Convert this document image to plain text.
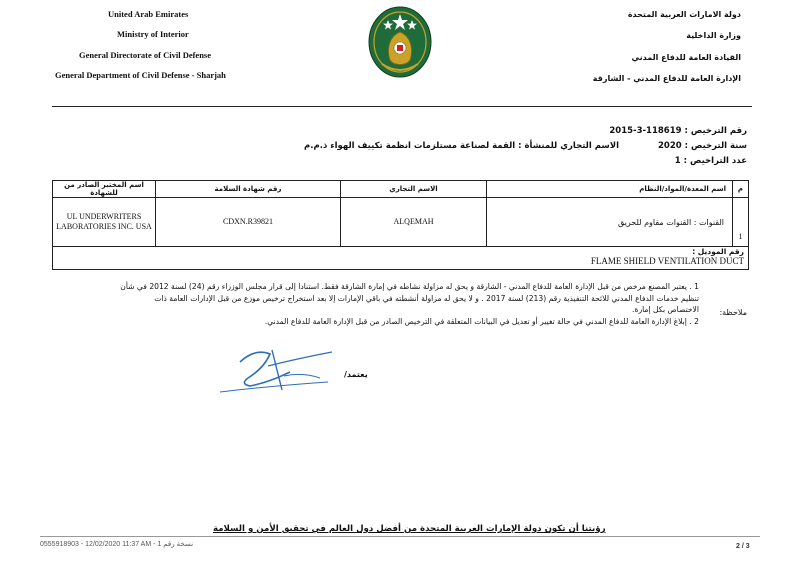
United Arab Emirates
Ministry of Interior
General Directorate of Civil Defense
General Department of Civil Defense - Sharjah
دولة الامارات العربية المتحدة
وزارة الداخلية
القيادة العامة للدفاع المدني
الإدارة العامة للدفاع المدني - الشارقة
رقم الترخيص : 118619-3-2015
سنة الترخيص : 2020
الاسم التجاري للمنشأة : القمة لصناعة مستلزمات انظمة تكييف الهواء ذ.م.م
عدد التراخيص : 1
اسم المختبر الصادر من للشهادة	رقم شهادة السلامة	الاسم التجاري	اسم المعدة/المواد/النظام	م
UL UNDERWRITERS LABORATORIES INC. USA	CDXN.R39821	ALQEMAH	القنوات : القنوات مقاوم للحريق	1

رقم الموديل :
FLAME SHIELD VENTILATION DUCT				
ملاحظة:
1 . يعتبر المصنع مرخص من قبل الإدارة العامة للدفاع المدني - الشارقة و يحق له مزاولة نشاطه في إمارة الشارقة فقط. استنادا إلى قرار مجلس الوزراء رقم (24) لسنة 2012 في شأن
تنظيم خدمات الدفاع المدني للائحة التنفيذية رقم (213) لسنة 2017 . و لا يحق له مزاولة أنشطته في باقي الإمارات إلا بعد استخراج ترخيص موزع من قبل الإدارات العامة ذات
الاختصاص بكل إمارة.
2 . إبلاغ الإدارة العامة للدفاع المدني في حالة تغيير أو تعديل في البيانات المتعلقة في الترخيص الصادر من قبل الإدارة العامة للدفاع المدني.
يعتمد/
رؤيتنا أن تكون دولة الإمارات العربية المتحدة من أفضل دول العالم في تحقيق الأمن و السلامة
0555918903 - 12/02/2020 11:37 AM - 1 نسخة رقم	2 / 3
